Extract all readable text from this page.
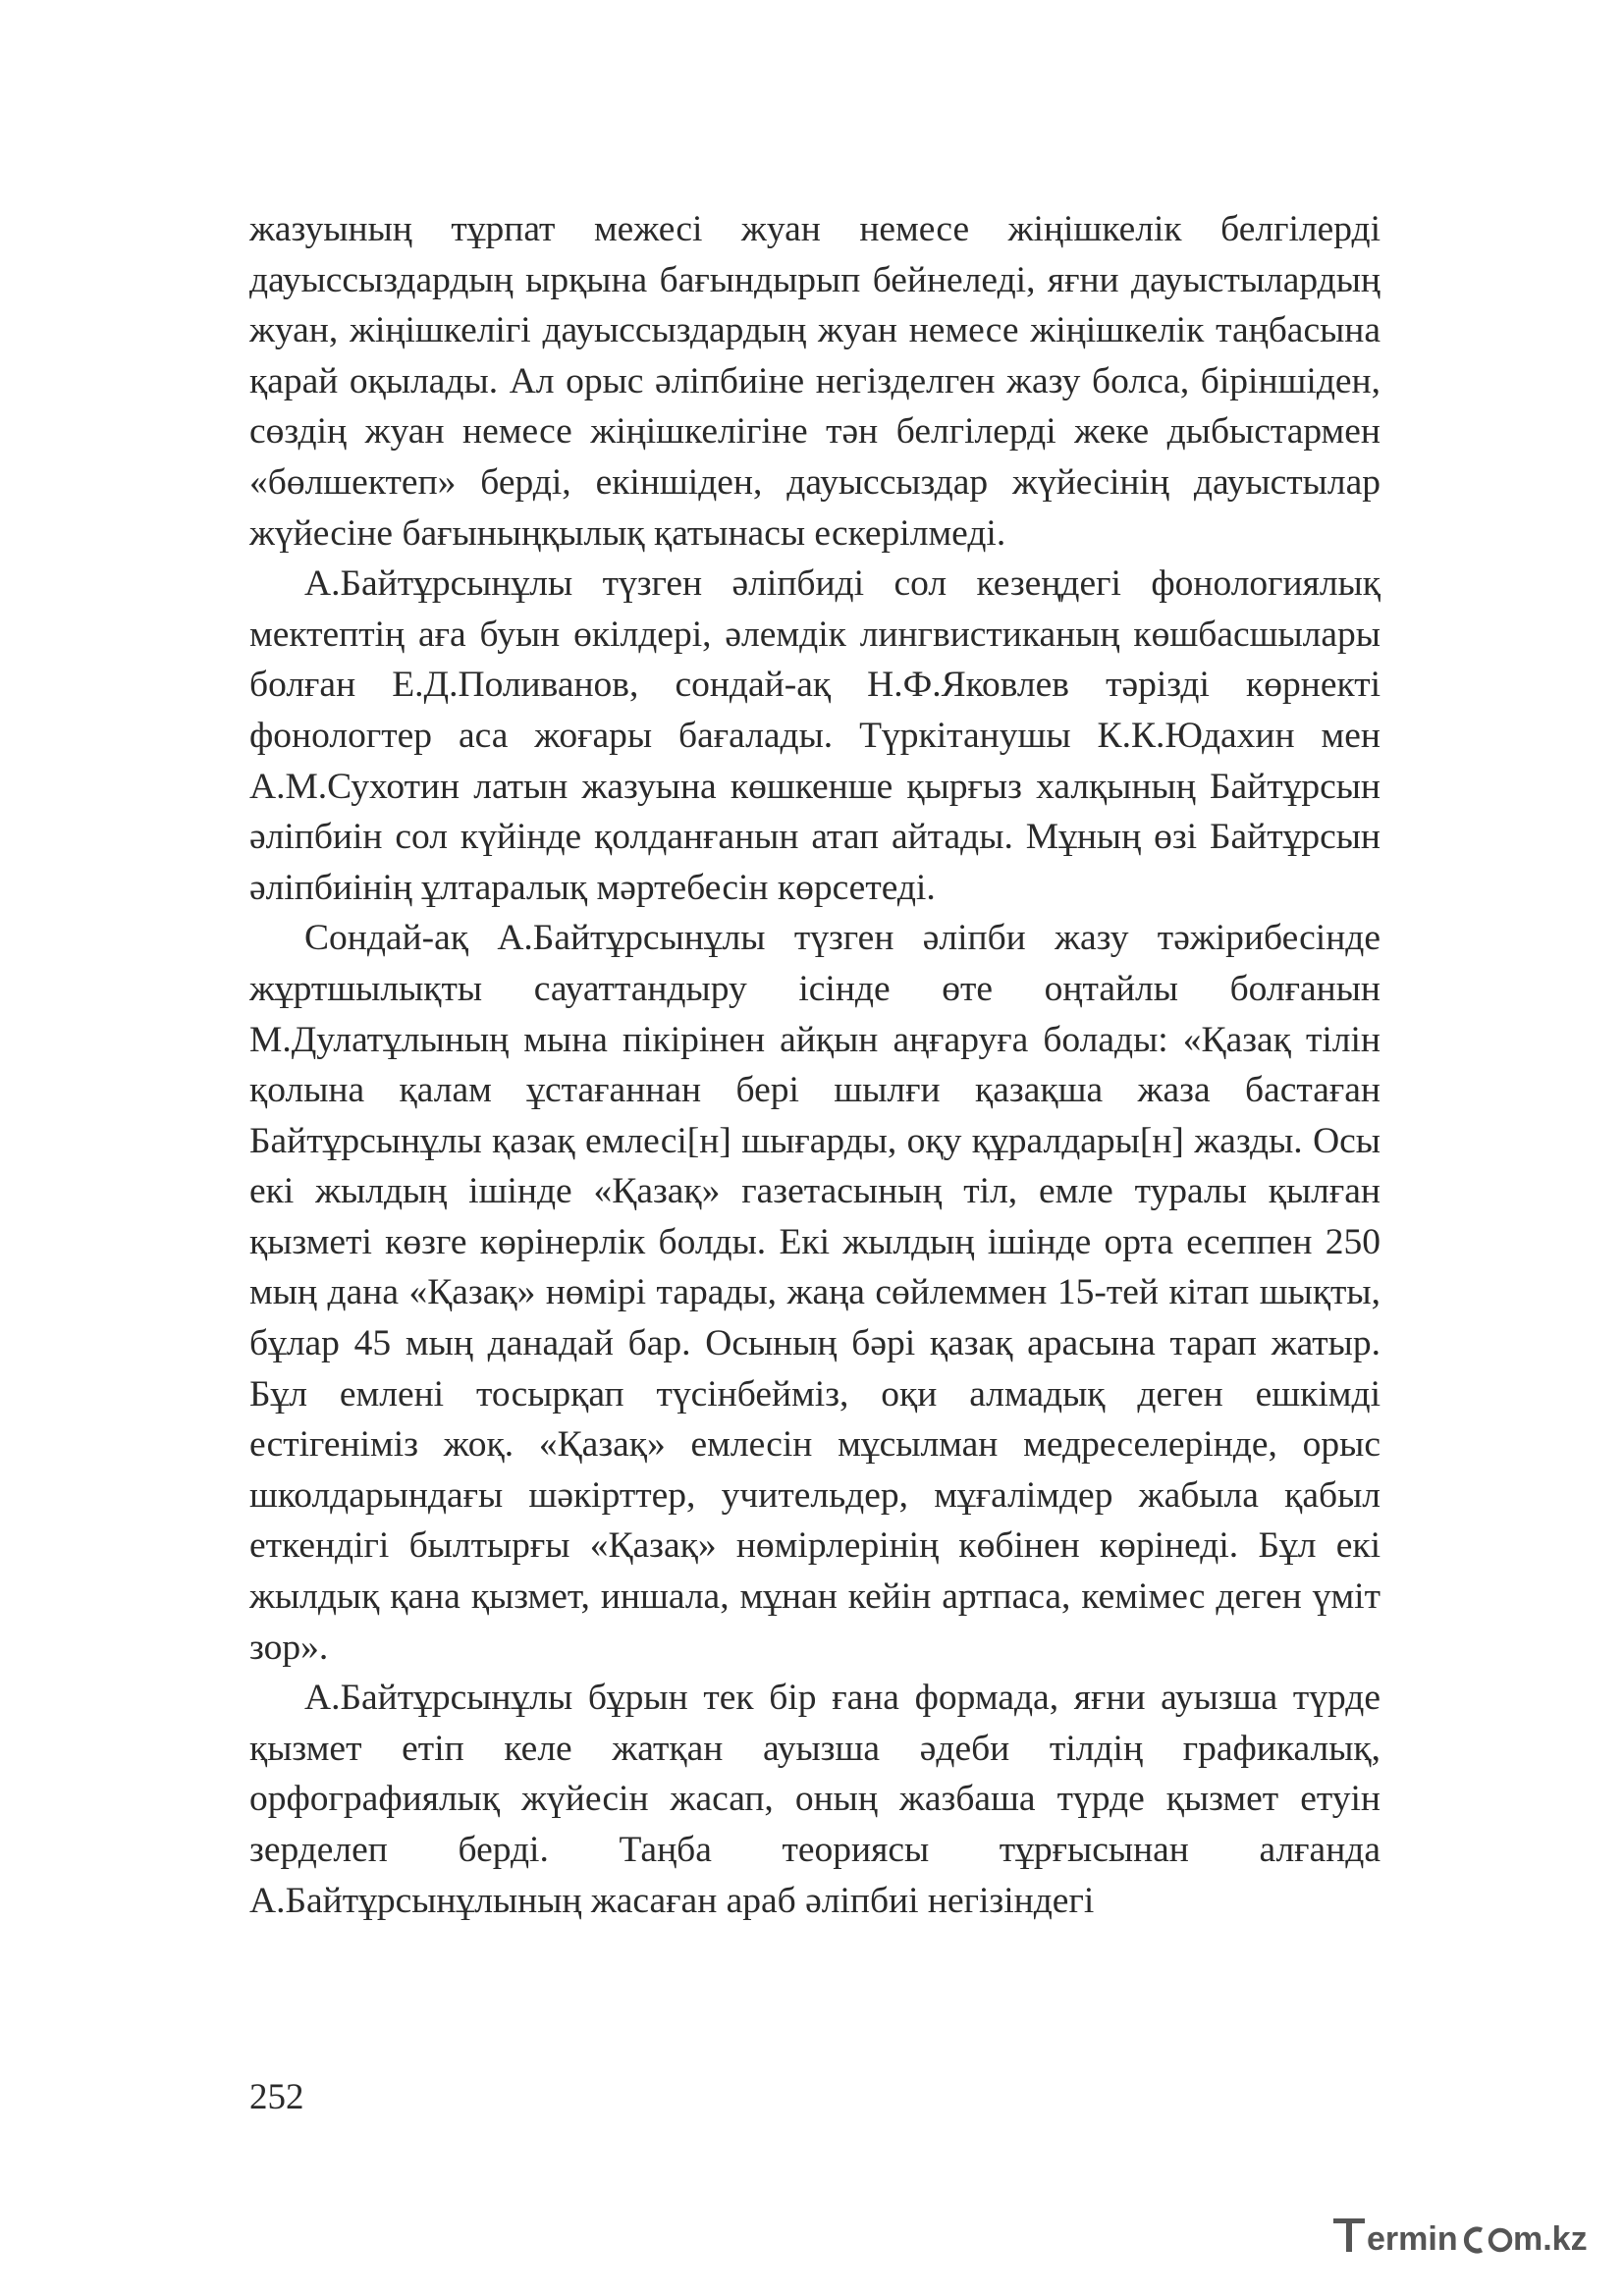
жазуының тұрпат межесі жуан немесе жіңішкелік белгілерді дауыссыздардың ырқына бағындырып бейнеледі, яғни дауыстылардың жуан, жіңішкелігі дауыссыздардың жуан немесе жіңішкелік таңбасына қарай оқылады. Ал орыс әліпбиіне негізделген жазу болса, біріншіден, сөздің жуан немесе жіңішкелігіне тән белгілерді жеке дыбыстармен «бөлшектеп» берді, екіншіден, дауыссыздар жүйесінің дауыстылар жүйесіне бағыныңқылық қатынасы ескерілмеді.

А.Байтұрсынұлы түзген әліпбиді сол кезеңдегі фонологиялық мектептің аға буын өкілдері, әлемдік лингвистиканың көшбасшылары болған Е.Д.Поливанов, сондай-ақ Н.Ф.Яковлев тәрізді көрнекті фонологтер аса жоғары бағалады. Түркітанушы К.К.Юдахин мен А.М.Сухотин латын жазуына көшкенше қырғыз халқының Байтұрсын әліпбиін сол күйінде қолданғанын атап айтады. Мұның өзі Байтұрсын әліпбиінің ұлтаралық мәртебесін көрсетеді.

Сондай-ақ А.Байтұрсынұлы түзген әліпби жазу тәжірибесінде жұртшылықты сауаттандыру ісінде өте оңтайлы болғанын М.Дулатұлының мына пікірінен айқын аңғаруға болады: «Қазақ тілін қолына қалам ұстағаннан бері шылғи қазақша жаза бастаған Байтұрсынұлы қазақ емлесі[н] шығарды, оқу құралдары[н] жазды. Осы екі жылдың ішінде «Қазақ» газетасының тіл, емле туралы қылған қызметі көзге көрінерлік болды. Екі жылдың ішінде орта есеппен 250 мың дана «Қазақ» нөмірі тарады, жаңа сөйлеммен 15-тей кітап шықты, бұлар 45 мың данадай бар. Осының бәрі қазақ арасына тарап жатыр. Бұл емлені тосырқап түсінбейміз, оқи алмадық деген ешкімді естігеніміз жоқ. «Қазақ» емлесін мұсылман медреселерінде, орыс школдарындағы шәкірттер, учительдер, мұғалімдер жабыла қабыл еткендігі былтырғы «Қазақ» нөмірлерінің көбінен көрінеді. Бұл екі жылдық қана қызмет, иншала, мұнан кейін артпаса, кемімес деген үміт зор».

А.Байтұрсынұлы бұрын тек бір ғана формада, яғни ауызша түрде қызмет етіп келе жатқан ауызша әдеби тілдің графикалық, орфографиялық жүйесін жасап, оның жазбаша түрде қызмет етуін зерделеп берді. Таңба теориясы тұрғысынан алғанда А.Байтұрсынұлының жасаған араб әліпбиі негізіндегі

252
ermin m.kz
